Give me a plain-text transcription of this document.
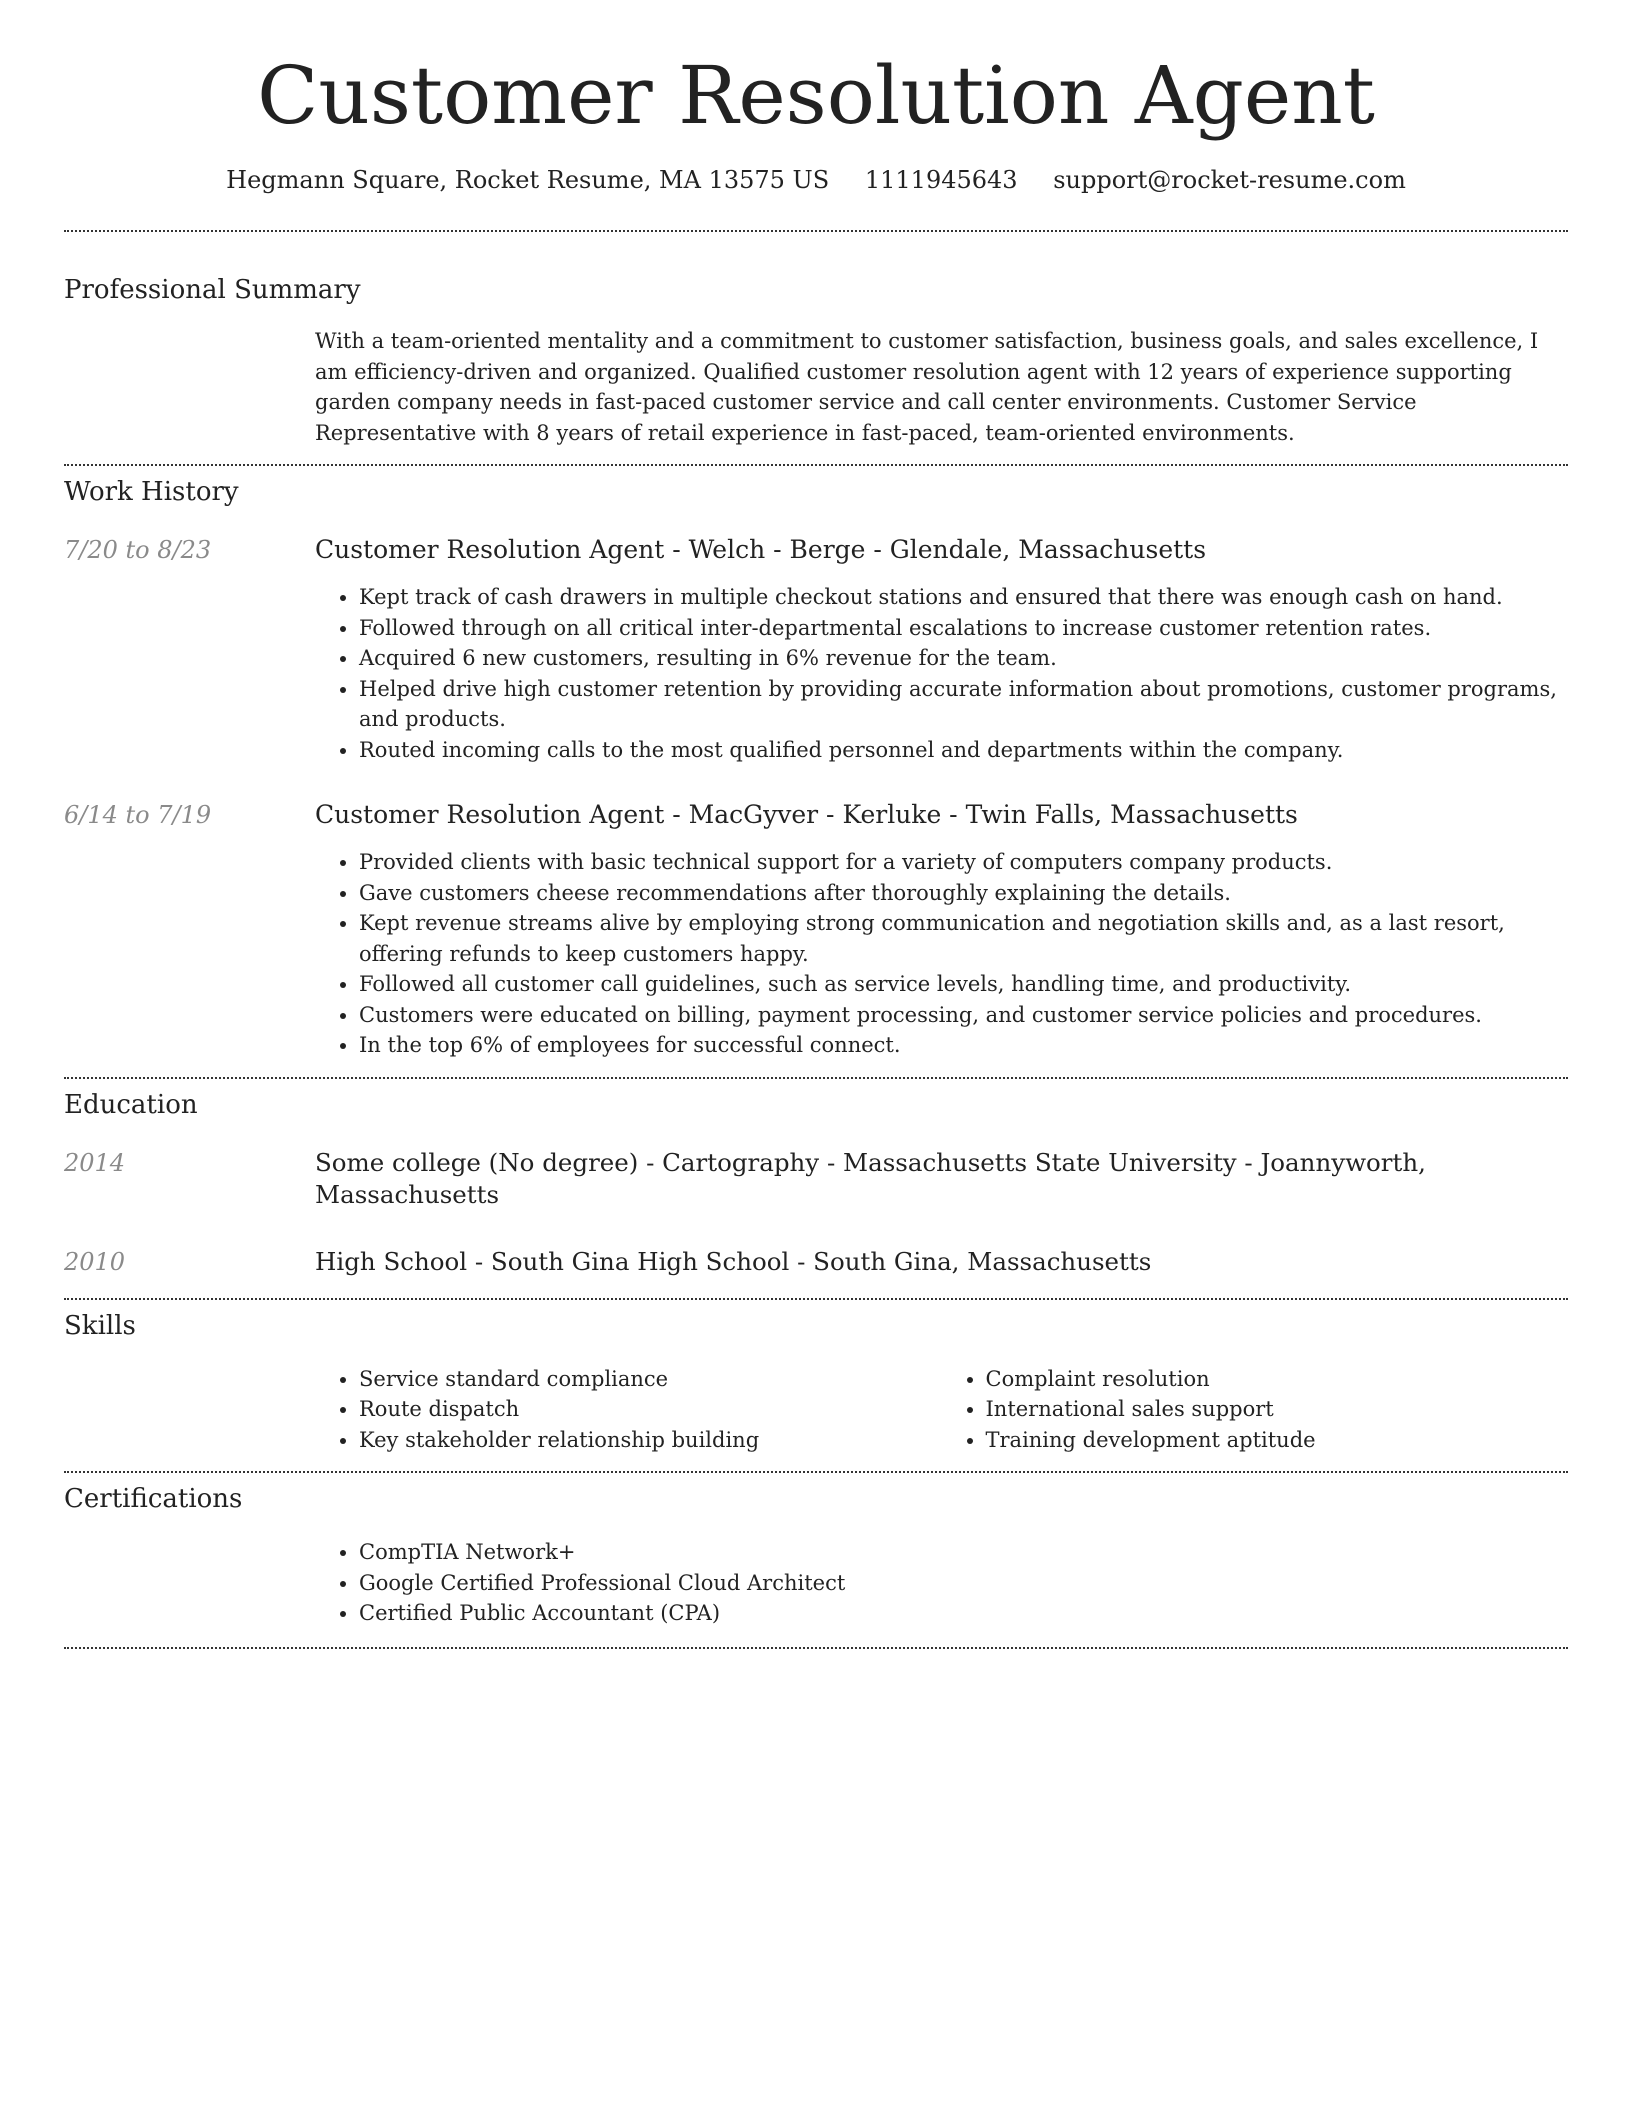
Customer Resolution Agent
Hegmann Square, Rocket Resume, MA 13575 US 1111945643 support@rocket-resume.com
Professional Summary

With a team-oriented mentality and a commitment to customer satisfaction, business goals, and sales excellence, I am efficiency-driven and organized. Qualified customer resolution agent with 12 years of experience supporting garden company needs in fast-paced customer service and call center environments. Customer Service Representative with 8 years of retail experience in fast-paced, team-oriented environments.

Work History
7/20 to 8/23	Customer Resolution Agent - Welch - Berge - Glendale, Massachusetts

• Kept track of cash drawers in multiple checkout stations and ensured that there was enough cash on hand.
• Followed through on all critical inter-departmental escalations to increase customer retention rates.
• Acquired 6 new customers, resulting in 6% revenue for the team.
• Helped drive high customer retention by providing accurate information about promotions, customer programs, and products.
• Routed incoming calls to the most qualified personnel and departments within the company.
6/14 to 7/19	Customer Resolution Agent - MacGyver - Kerluke - Twin Falls, Massachusetts

• Provided clients with basic technical support for a variety of computers company products.
• Gave customers cheese recommendations after thoroughly explaining the details.
• Kept revenue streams alive by employing strong communication and negotiation skills and, as a last resort, offering refunds to keep customers happy.
• Followed all customer call guidelines, such as service levels, handling time, and productivity.
• Customers were educated on billing, payment processing, and customer service policies and procedures.
• In the top 6% of employees for successful connect.
Education
2014	Some college (No degree) - Cartography - Massachusetts State University - Joannyworth, Massachusetts

2010	High School - South Gina High School - South Gina, Massachusetts

Skills
• Service standard compliance
• Route dispatch
• Key stakeholder relationship building
• Complaint resolution
• International sales support
• Training development aptitude
Certifications
• CompTIA Network+
• Google Certified Professional Cloud Architect
• Certified Public Accountant (CPA)
